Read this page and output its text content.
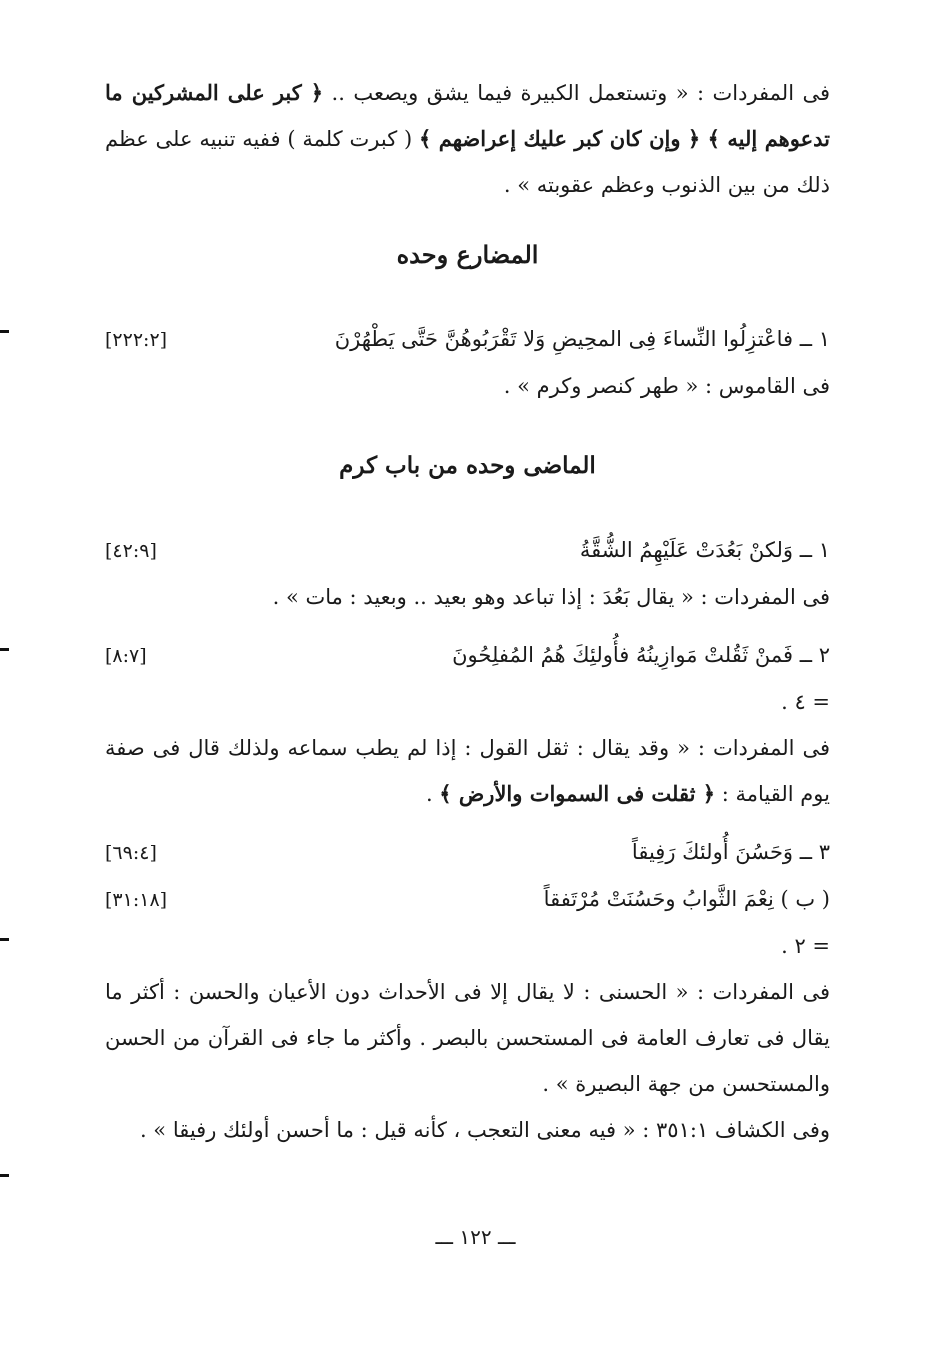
فى المفردات : « وتستعمل الكبيرة فيما يشق ويصعب .. ﴿ كبر على المشركين ما تدعوهم إليه ﴾ ﴿ وإن كان كبر عليك إعراضهم ﴾ ( كبرت كلمة ) ففيه تنبيه على عظم ذلك من بين الذنوب وعظم عقوبته » .

المضارع وحده
١ ــ فاعْتزِلُوا النِّساءَ فِى المحِيضِ وَلا تَقْرَبُوهُنَّ حَتَّى يَطْهُرْنَ
[٢٢٢:٢]

فى القاموس : « طهر كنصر وكرم » .

الماضى وحده من باب كرم
١ ــ وَلكنْ بَعُدَتْ عَلَيْهِمُ الشُّقَّةُ
[٤٢:٩]

فى المفردات : « يقال بَعُدَ : إذا تباعد وهو بعيد .. وبعيد : مات » .

٢ ــ فَمنْ ثَقُلتْ مَوازِينُهُ فأُولئِكَ هُمُ المُفلِحُونَ
[٨:٧]

= ٤ .

فى المفردات : « وقد يقال : ثقل القول : إذا لم يطب سماعه ولذلك قال فى صفة يوم القيامة : ﴿ ثقلت فى السموات والأرض ﴾ .

٣ ــ وَحَسُنَ أُولئكَ رَفِيقاً
[٦٩:٤]
( ب ) نِعْمَ الثَّوابُ وحَسُنَتْ مُرْتَفقاً
[٣١:١٨]

= ٢ .

فى المفردات : « الحسنى : لا يقال إلا فى الأحداث دون الأعيان والحسن : أكثر ما يقال فى تعارف العامة فى المستحسن بالبصر . وأكثر ما جاء فى القرآن من الحسن والمستحسن من جهة البصيرة » .

وفى الكشاف ٣٥١:١ : « فيه معنى التعجب ، كأنه قيل : ما أحسن أولئك رفيقا » .

ـــ ١٢٢ ـــ
